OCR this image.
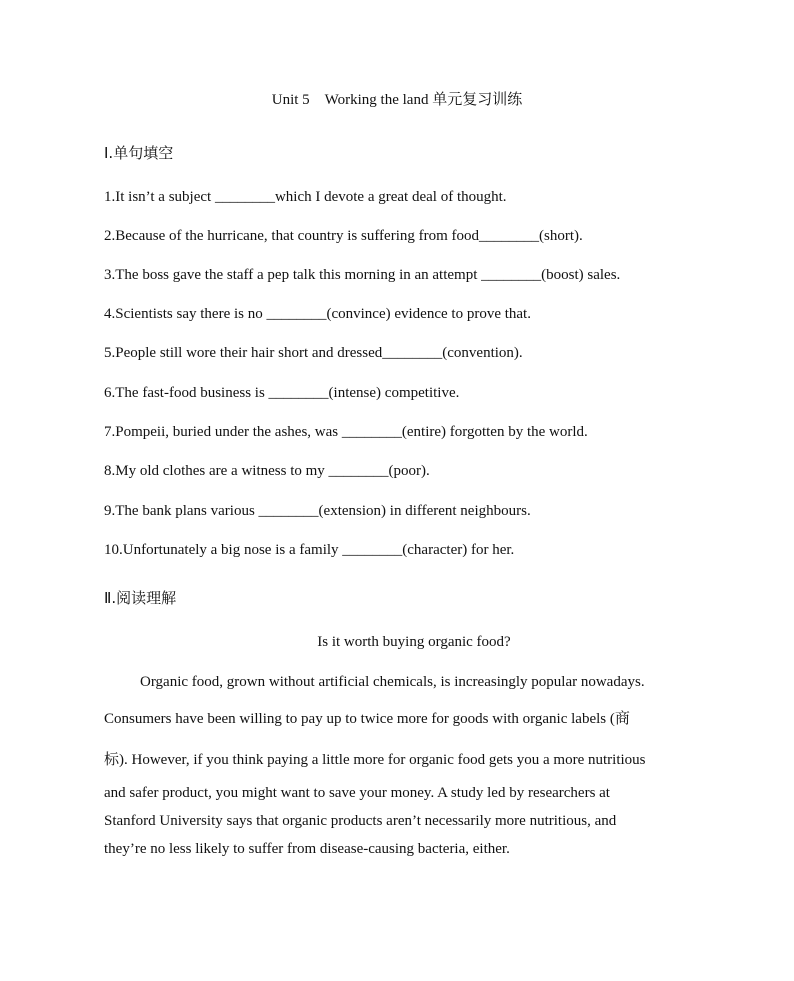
Unit 5　Working the land 单元复习训练
Ⅰ.单句填空
1.It isn’t a subject ________which I devote a great deal of thought.
2.Because of the hurricane, that country is suffering from food________(short).
3.The boss gave the staff a pep talk this morning in an attempt ________(boost) sales.
4.Scientists say there is no ________(convince) evidence to prove that.
5.People still wore their hair short and dressed________(convention).
6.The fast-food business is ________(intense) competitive.
7.Pompeii, buried under the ashes, was ________(entire) forgotten by the world.
8.My old clothes are a witness to my ________(poor).
9.The bank plans various ________(extension) in different neighbours.
10.Unfortunately a big nose is a family ________(character) for her.
Ⅱ.阅读理解
Is it worth buying organic food?
Organic food, grown without artificial chemicals, is increasingly popular nowadays.
Consumers have been willing to pay up to twice more for goods with organic labels (商
标). However, if you think paying a little more for organic food gets you a more nutritious
and safer product, you might want to save your money. A study led by researchers at
Stanford University says that organic products aren’t necessarily more nutritious, and
they’re no less likely to suffer from disease-causing bacteria, either.
